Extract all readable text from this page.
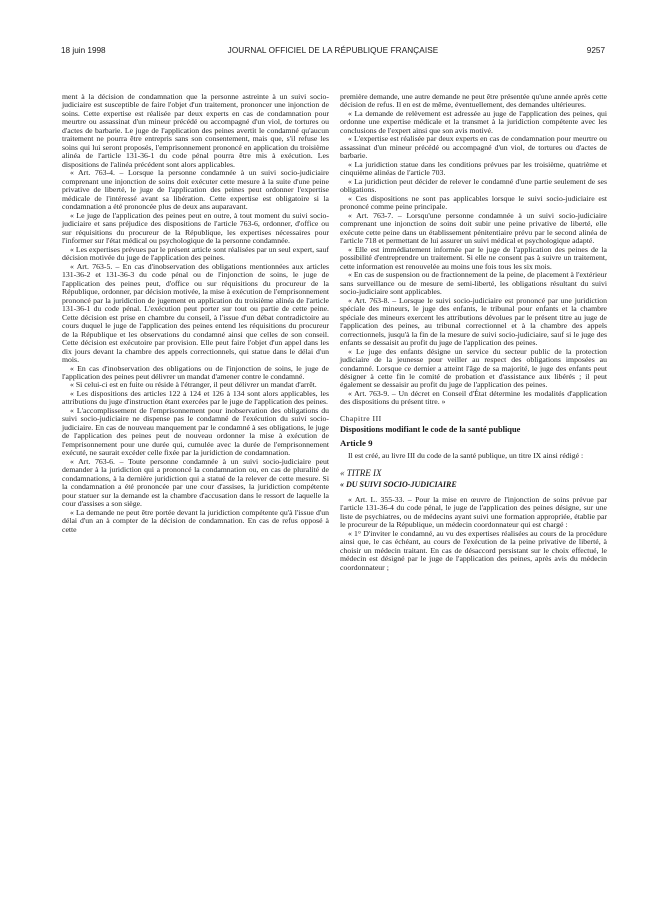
18 juin 1998	JOURNAL OFFICIEL DE LA RÉPUBLIQUE FRANÇAISE	9257

ment à la décision de condamnation que la personne astreinte à un suivi socio-judiciaire est susceptible de faire l'objet d'un traitement, prononcer une injonction de soins. Cette expertise est réalisée par deux experts en cas de condamnation pour meurtre ou assassinat d'un mineur précédé ou accompagné d'un viol, de tortures ou d'actes de barbarie. Le juge de l'application des peines avertit le condamné qu'aucun traitement ne pourra être entrepris sans son consentement, mais que, s'il refuse les soins qui lui seront proposés, l'emprisonnement prononcé en application du troisième alinéa de l'article 131-36-1 du code pénal pourra être mis à exécution. Les dispositions de l'alinéa précédent sont alors applicables.

« Art. 763-4. – Lorsque la personne condamnée à un suivi socio-judiciaire comprenant une injonction de soins doit exécuter cette mesure à la suite d'une peine privative de liberté, le juge de l'application des peines peut ordonner l'expertise médicale de l'intéressé avant sa libération. Cette expertise est obligatoire si la condamnation a été prononcée plus de deux ans auparavant.

« Le juge de l'application des peines peut en outre, à tout moment du suivi socio-judiciaire et sans préjudice des dispositions de l'article 763-6, ordonner, d'office ou sur réquisitions du procureur de la République, les expertises nécessaires pour l'informer sur l'état médical ou psychologique de la personne condamnée.

« Les expertises prévues par le présent article sont réalisées par un seul expert, sauf décision motivée du juge de l'application des peines.

« Art. 763-5. – En cas d'inobservation des obligations mentionnées aux articles 131-36-2 et 131-36-3 du code pénal ou de l'injonction de soins, le juge de l'application des peines peut, d'office ou sur réquisitions du procureur de la République, ordonner, par décision motivée, la mise à exécution de l'emprisonnement prononcé par la juridiction de jugement en application du troisième alinéa de l'article 131-36-1 du code pénal. L'exécution peut porter sur tout ou partie de cette peine. Cette décision est prise en chambre du conseil, à l'issue d'un débat contradictoire au cours duquel le juge de l'application des peines entend les réquisitions du procureur de la République et les observations du condamné ainsi que celles de son conseil. Cette décision est exécutoire par provision. Elle peut faire l'objet d'un appel dans les dix jours devant la chambre des appels correctionnels, qui statue dans le délai d'un mois.

« En cas d'inobservation des obligations ou de l'injonction de soins, le juge de l'application des peines peut délivrer un mandat d'amener contre le condamné.

« Si celui-ci est en fuite ou réside à l'étranger, il peut délivrer un mandat d'arrêt.

« Les dispositions des articles 122 à 124 et 126 à 134 sont alors applicables, les attributions du juge d'instruction étant exercées par le juge de l'application des peines.

« L'accomplissement de l'emprisonnement pour inobservation des obligations du suivi socio-judiciaire ne dispense pas le condamné de l'exécution du suivi socio-judiciaire. En cas de nouveau manquement par le condamné à ses obligations, le juge de l'application des peines peut de nouveau ordonner la mise à exécution de l'emprisonnement pour une durée qui, cumulée avec la durée de l'emprisonnement exécuté, ne saurait excéder celle fixée par la juridiction de condamnation.

« Art. 763-6. – Toute personne condamnée à un suivi socio-judiciaire peut demander à la juridiction qui a prononcé la condamnation ou, en cas de pluralité de condamnations, à la dernière juridiction qui a statué de la relever de cette mesure. Si la condamnation a été prononcée par une cour d'assises, la juridiction compétente pour statuer sur la demande est la chambre d'accusation dans le ressort de laquelle la cour d'assises a son siège.

« La demande ne peut être portée devant la juridiction compétente qu'à l'issue d'un délai d'un an à compter de la décision de condamnation. En cas de refus opposé à cette

première demande, une autre demande ne peut être présentée qu'une année après cette décision de refus. Il en est de même, éventuellement, des demandes ultérieures.

« La demande de relèvement est adressée au juge de l'application des peines, qui ordonne une expertise médicale et la transmet à la juridiction compétente avec les conclusions de l'expert ainsi que son avis motivé.

« L'expertise est réalisée par deux experts en cas de condamnation pour meurtre ou assassinat d'un mineur précédé ou accompagné d'un viol, de tortures ou d'actes de barbarie.

« La juridiction statue dans les conditions prévues par les troisième, quatrième et cinquième alinéas de l'article 703.

« La juridiction peut décider de relever le condamné d'une partie seulement de ses obligations.

« Ces dispositions ne sont pas applicables lorsque le suivi socio-judiciaire est prononcé comme peine principale.

« Art. 763-7. – Lorsqu'une personne condamnée à un suivi socio-judiciaire comprenant une injonction de soins doit subir une peine privative de liberté, elle exécute cette peine dans un établissement pénitentiaire prévu par le second alinéa de l'article 718 et permettant de lui assurer un suivi médical et psychologique adapté.

« Elle est immédiatement informée par le juge de l'application des peines de la possibilité d'entreprendre un traitement. Si elle ne consent pas à suivre un traitement, cette information est renouvelée au moins une fois tous les six mois.

« En cas de suspension ou de fractionnement de la peine, de placement à l'extérieur sans surveillance ou de mesure de semi-liberté, les obligations résultant du suivi socio-judiciaire sont applicables.

« Art. 763-8. – Lorsque le suivi socio-judiciaire est prononcé par une juridiction spéciale des mineurs, le juge des enfants, le tribunal pour enfants et la chambre spéciale des mineurs exercent les attributions dévolues par le présent titre au juge de l'application des peines, au tribunal correctionnel et à la chambre des appels correctionnels, jusqu'à la fin de la mesure de suivi socio-judiciaire, sauf si le juge des enfants se dessaisit au profit du juge de l'application des peines.

« Le juge des enfants désigne un service du secteur public de la protection judiciaire de la jeunesse pour veiller au respect des obligations imposées au condamné. Lorsque ce dernier a atteint l'âge de sa majorité, le juge des enfants peut désigner à cette fin le comité de probation et d'assistance aux libérés ; il peut également se dessaisir au profit du juge de l'application des peines.

« Art. 763-9. – Un décret en Conseil d'État détermine les modalités d'application des dispositions du présent titre. »

Chapitre III

Dispositions modifiant le code de la santé publique

Article 9

Il est créé, au livre III du code de la santé publique, un titre IX ainsi rédigé :

« TITRE IX

« DU SUIVI SOCIO-JUDICIAIRE

« Art. L. 355-33. – Pour la mise en œuvre de l'injonction de soins prévue par l'article 131-36-4 du code pénal, le juge de l'application des peines désigne, sur une liste de psychiatres, ou de médecins ayant suivi une formation appropriée, établie par le procureur de la République, un médecin coordonnateur qui est chargé :

« 1° D'inviter le condamné, au vu des expertises réalisées au cours de la procédure ainsi que, le cas échéant, au cours de l'exécution de la peine privative de liberté, à choisir un médecin traitant. En cas de désaccord persistant sur le choix effectué, le médecin est désigné par le juge de l'application des peines, après avis du médecin coordonnateur ;
